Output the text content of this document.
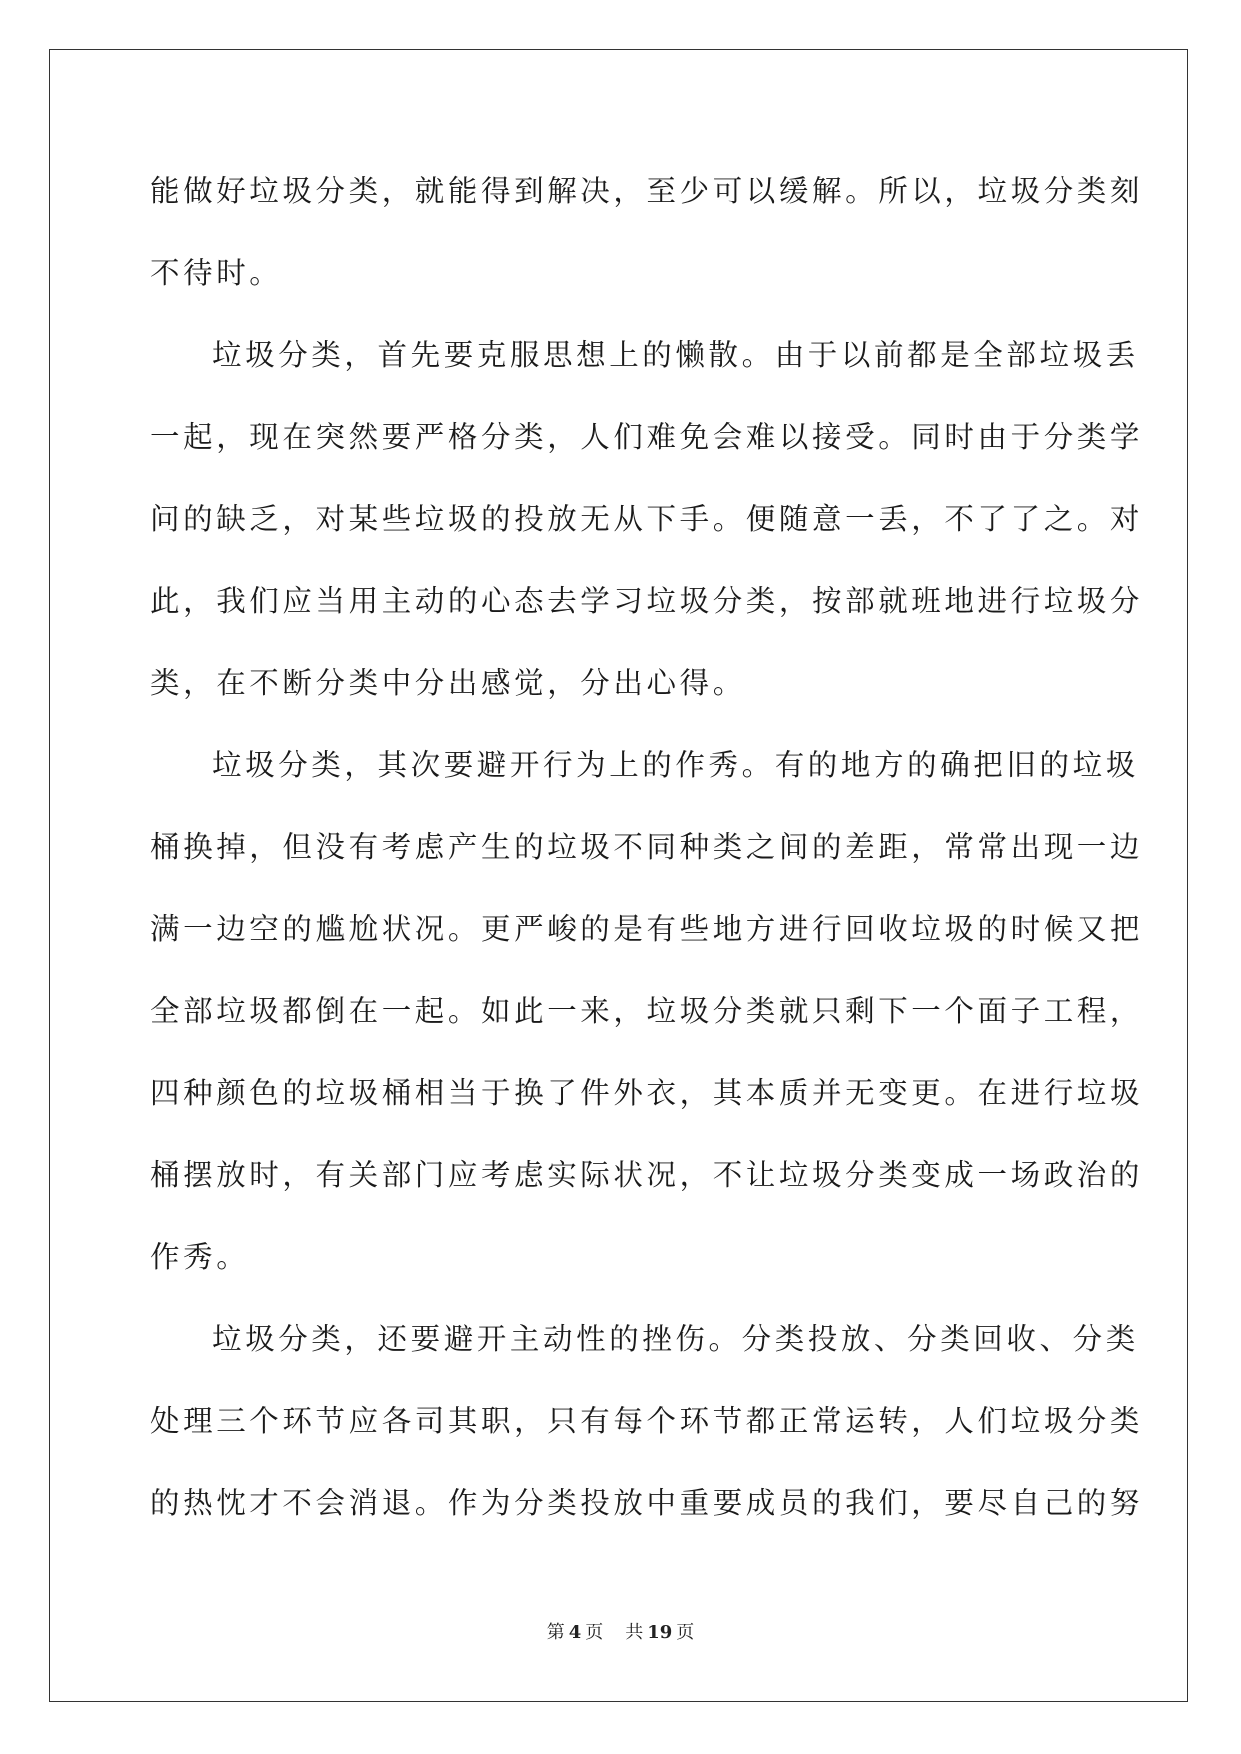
能做好垃圾分类，就能得到解决，至少可以缓解。所以，垃圾分类刻
不待时。
垃圾分类，首先要克服思想上的懒散。由于以前都是全部垃圾丢
一起，现在突然要严格分类，人们难免会难以接受。同时由于分类学
问的缺乏，对某些垃圾的投放无从下手。便随意一丢，不了了之。对
此，我们应当用主动的心态去学习垃圾分类，按部就班地进行垃圾分
类，在不断分类中分出感觉，分出心得。
垃圾分类，其次要避开行为上的作秀。有的地方的确把旧的垃圾
桶换掉，但没有考虑产生的垃圾不同种类之间的差距，常常出现一边
满一边空的尴尬状况。更严峻的是有些地方进行回收垃圾的时候又把
全部垃圾都倒在一起。如此一来，垃圾分类就只剩下一个面子工程，
四种颜色的垃圾桶相当于换了件外衣，其本质并无变更。在进行垃圾
桶摆放时，有关部门应考虑实际状况，不让垃圾分类变成一场政治的
作秀。
垃圾分类，还要避开主动性的挫伤。分类投放、分类回收、分类
处理三个环节应各司其职，只有每个环节都正常运转，人们垃圾分类
的热忱才不会消退。作为分类投放中重要成员的我们，要尽自己的努
第 4 页 共 19 页
